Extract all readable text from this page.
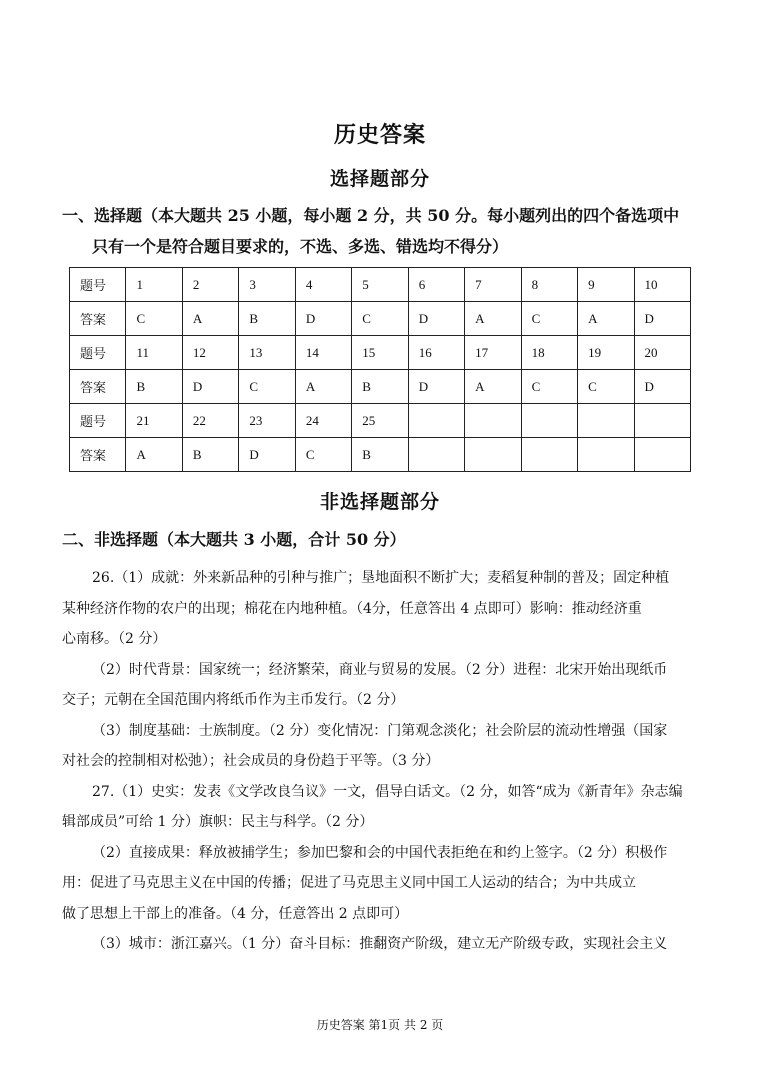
历史答案
选择题部分
一、选择题（本大题共 25 小题，每小题 2 分，共 50 分。每小题列出的四个备选项中
只有一个是符合题目要求的，不选、多选、错选均不得分）
题号	1	2	3	4	5	6	7	8	9	10
答案	C	A	B	D	C	D	A	C	A	D
题号	11	12	13	14	15	16	17	18	19	20
答案	B	D	C	A	B	D	A	C	C	D
题号	21	22	23	24	25					
答案	A	B	D	C	B					
非选择题部分
二、非选择题（本大题共 3 小题，合计 50 分）
26.（1）成就：外来新品种的引种与推广；垦地面积不断扩大；麦稻复种制的普及；固定种植
某种经济作物的农户的出现；棉花在内地种植。（4分，任意答出 4 点即可）影响：推动经济重
心南移。（2 分）
（2）时代背景：国家统一；经济繁荣，商业与贸易的发展。（2 分）进程：北宋开始出现纸币
交子；元朝在全国范围内将纸币作为主币发行。（2 分）
（3）制度基础：士族制度。（2 分）变化情况：门第观念淡化；社会阶层的流动性增强（国家
对社会的控制相对松弛）；社会成员的身份趋于平等。（3 分）
27.（1）史实：发表《文学改良刍议》一文，倡导白话文。（2 分，如答“成为《新青年》杂志编
辑部成员”可给 1 分）旗帜：民主与科学。（2 分）
（2）直接成果：释放被捕学生；参加巴黎和会的中国代表拒绝在和约上签字。（2 分）积极作
用：促进了马克思主义在中国的传播；促进了马克思主义同中国工人运动的结合；为中共成立
做了思想上干部上的准备。（4 分，任意答出 2 点即可）
（3）城市：浙江嘉兴。（1 分）奋斗目标：推翻资产阶级，建立无产阶级专政，实现社会主义
历史答案 第1页 共 2 页
